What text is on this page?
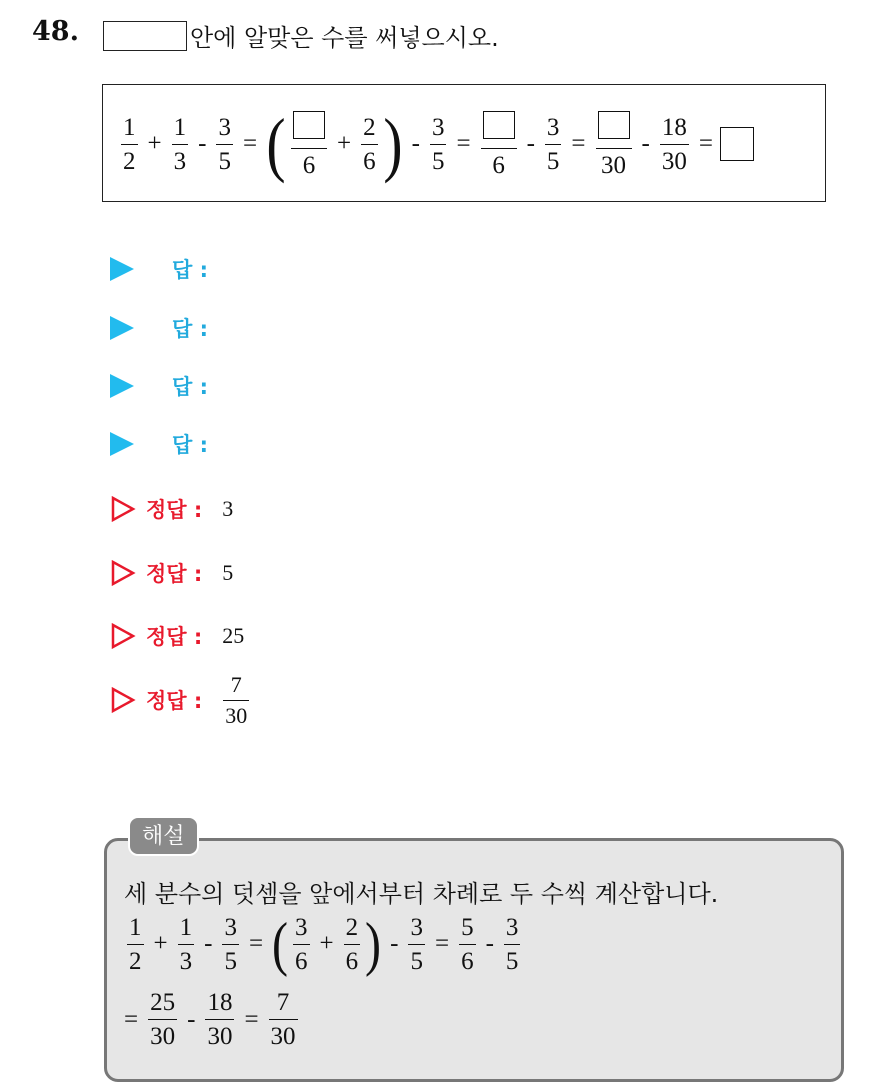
48.	안에 알맞은 수를 써넣으시오.
$\frac{1}{2} + \frac{1}{3} - \frac{3}{5}$ = ( 6
+ $\frac{2}{6}$ ) - $\frac{3}{5}$ =
6
- $\frac{3}{5}$ =
30
- $\frac{18}{30}$ =
답 :
답 :
답 :
답 :
정답 : 3
정답 : 5
정답 : 25
정답 : $\frac{7}{30}$
해설
세 분수의 덧셈을 앞에서부터 차례로 두 수씩 계산합니다.
$\frac{1}{2} + \frac{1}{3} - \frac{3}{5}$ = ( $\frac{3}{6} + \frac{2}{6}$ ) - $\frac{3}{5} = \frac{5}{6} - \frac{3}{5}$
= $\frac{25}{30} - \frac{18}{30} = \frac{7}{30}$
